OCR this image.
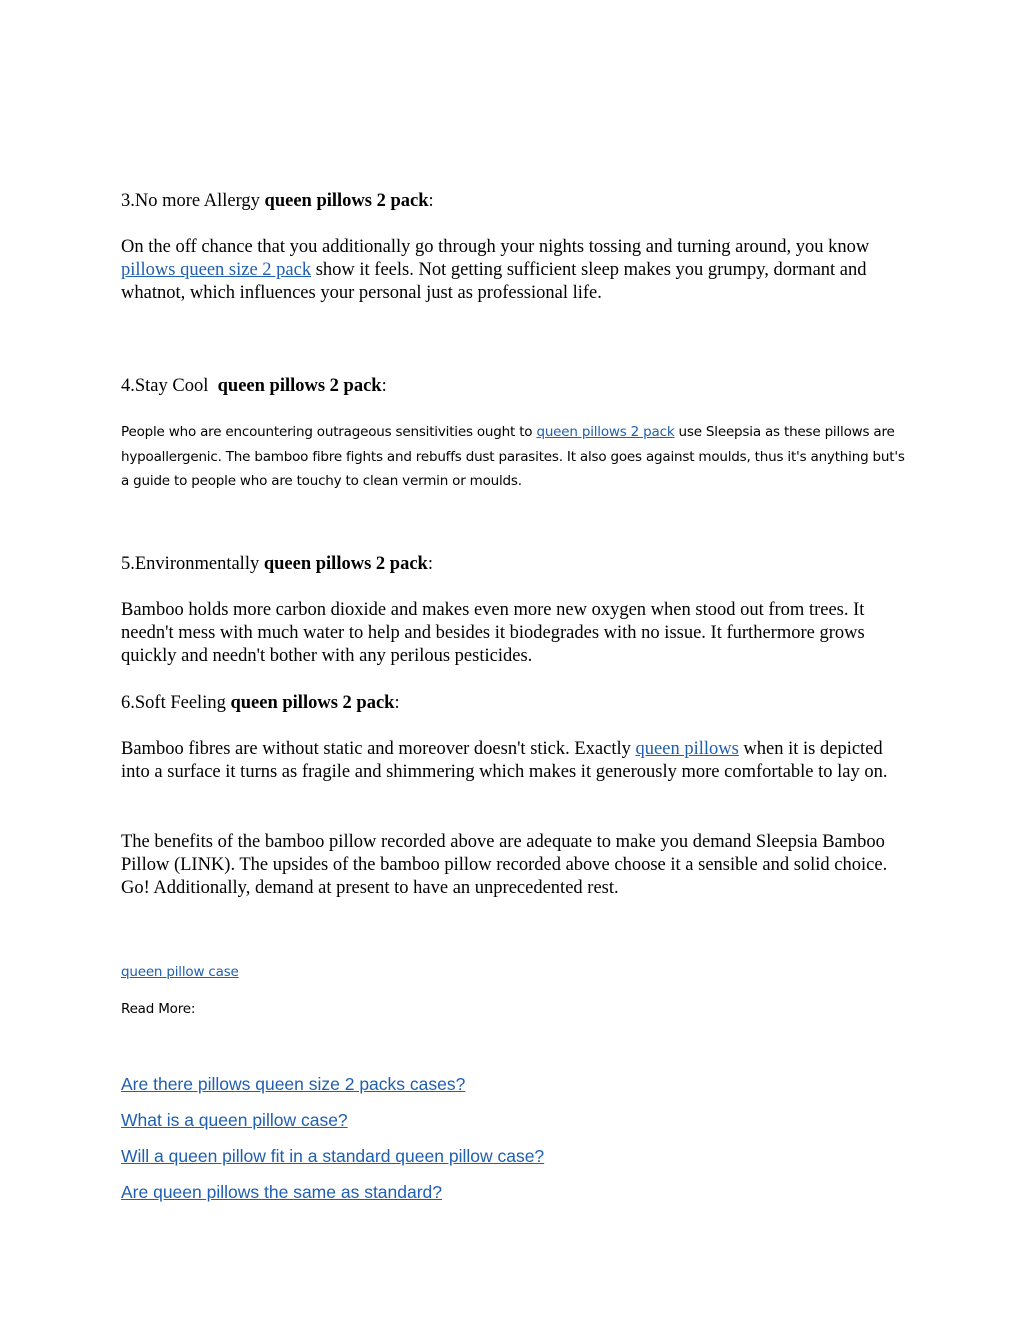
3.No more Allergy queen pillows 2 pack:

On the off chance that you additionally go through your nights tossing and turning around, you know pillows queen size 2 pack show it feels. Not getting sufficient sleep makes you grumpy, dormant and whatnot, which influences your personal just as professional life.

4.Stay Cool  queen pillows 2 pack:

People who are encountering outrageous sensitivities ought to queen pillows 2 pack use Sleepsia as these pillows are hypoallergenic. The bamboo fibre fights and rebuffs dust parasites. It also goes against moulds, thus it's anything but's a guide to people who are touchy to clean vermin or moulds.

5.Environmentally queen pillows 2 pack:

Bamboo holds more carbon dioxide and makes even more new oxygen when stood out from trees. It needn't mess with much water to help and besides it biodegrades with no issue. It furthermore grows quickly and needn't bother with any perilous pesticides.

6.Soft Feeling queen pillows 2 pack:

Bamboo fibres are without static and moreover doesn't stick. Exactly queen pillows when it is depicted into a surface it turns as fragile and shimmering which makes it generously more comfortable to lay on.

The benefits of the bamboo pillow recorded above are adequate to make you demand Sleepsia Bamboo Pillow (LINK). The upsides of the bamboo pillow recorded above choose it a sensible and solid choice. Go! Additionally, demand at present to have an unprecedented rest.

queen pillow case

Read More:

Are there pillows queen size 2 packs cases?

What is a queen pillow case?

Will a queen pillow fit in a standard queen pillow case?

Are queen pillows the same as standard?
